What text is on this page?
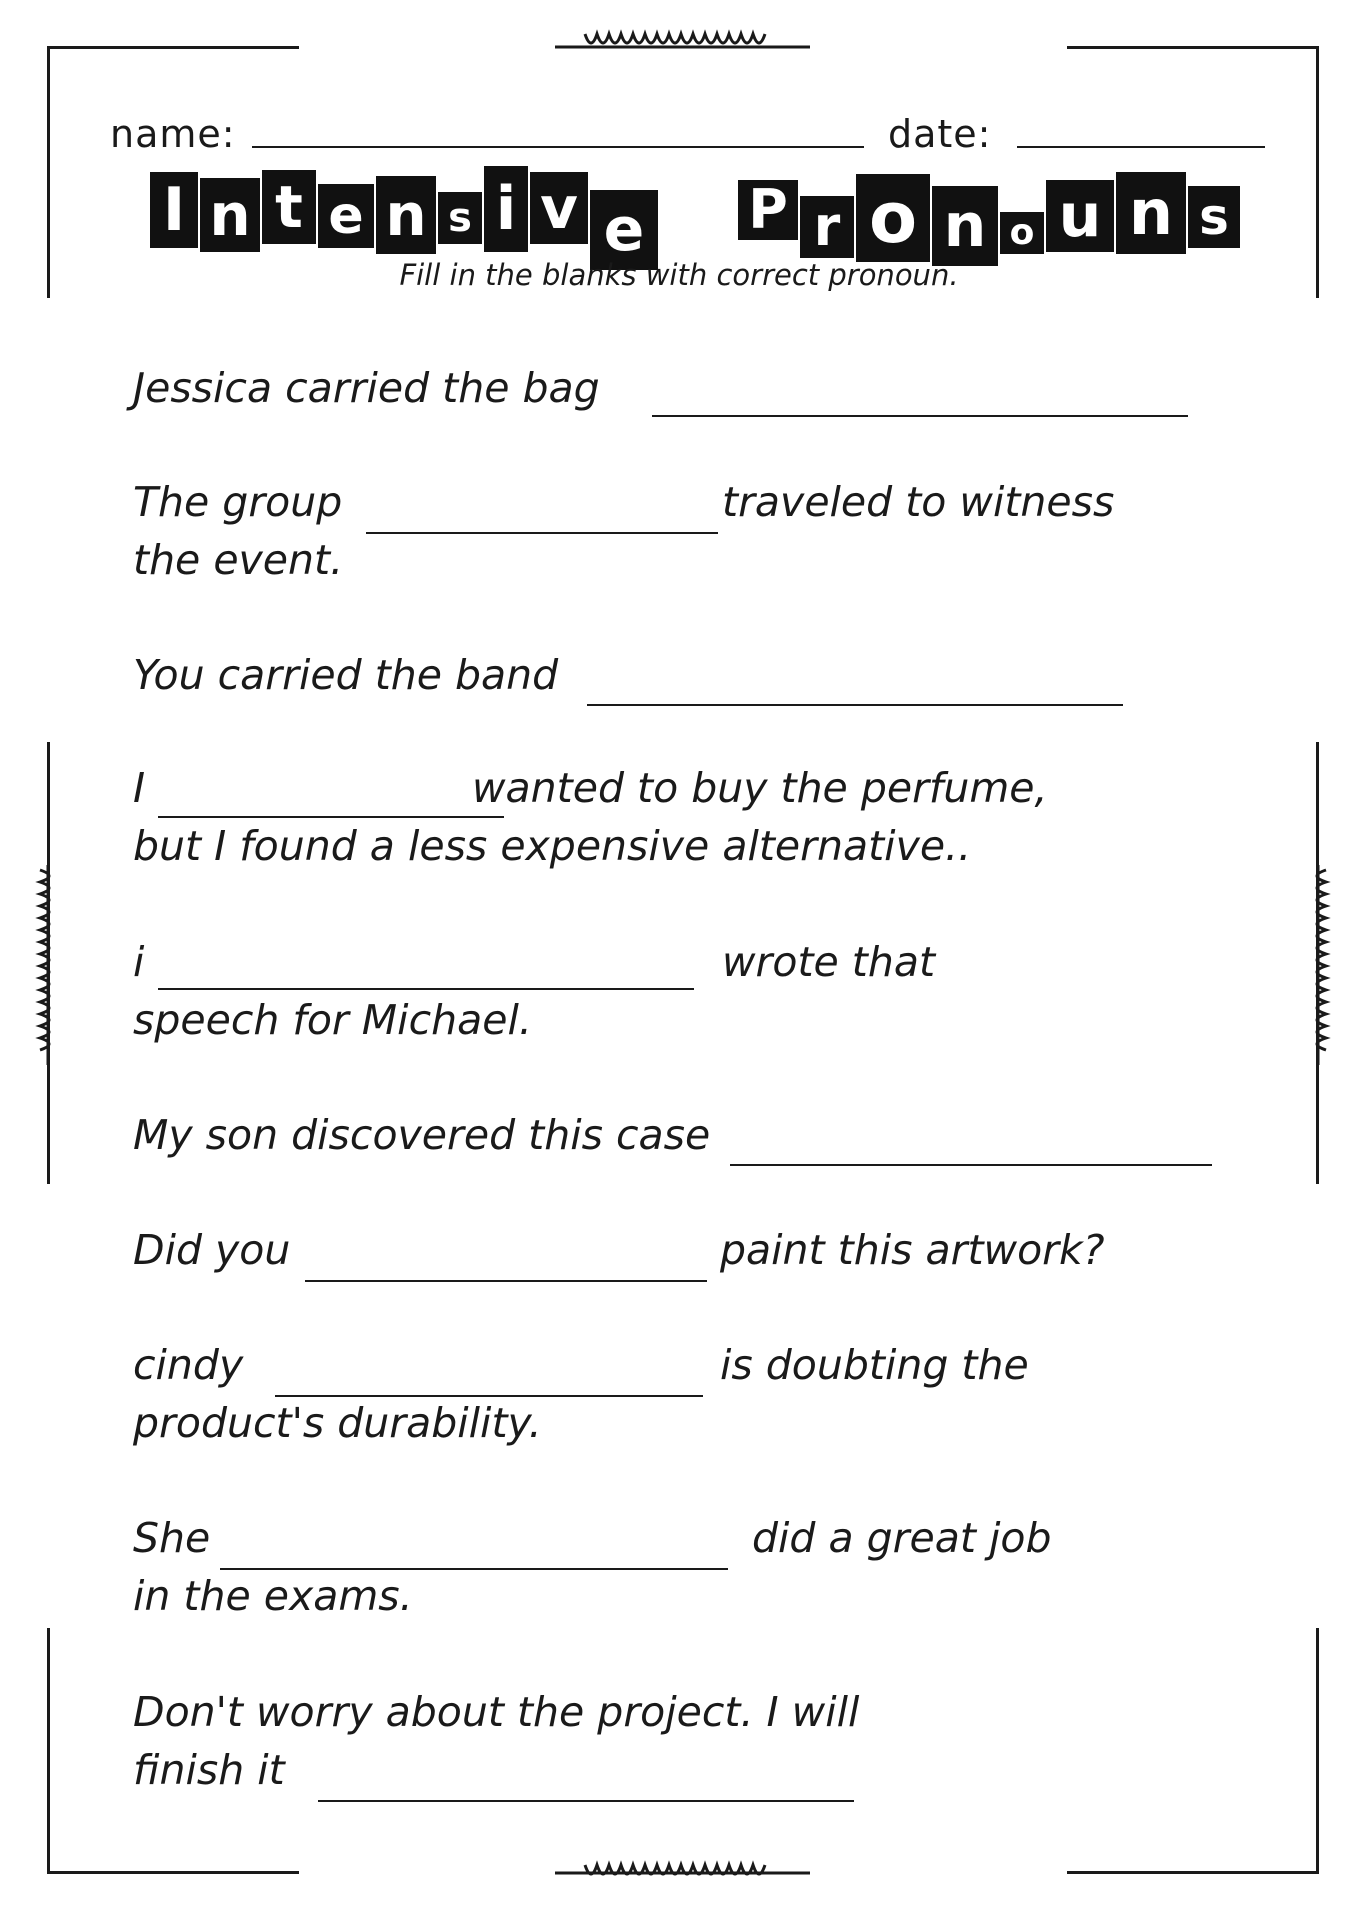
name:	date:
I n t e n s i v e P r o n o u n s
Fill in the blanks with correct pronoun.
Jessica carried the bag
The group	traveled to witness
the event.
You carried the band
I	wanted to buy the perfume,
but I found a less expensive alternative..
i	wrote that
speech for Michael.
My son discovered this case
Did you	paint this artwork?
cindy	is doubting the
product's durability.
She	did a great job
in the exams.
Don't worry about the project. I will
finish it
